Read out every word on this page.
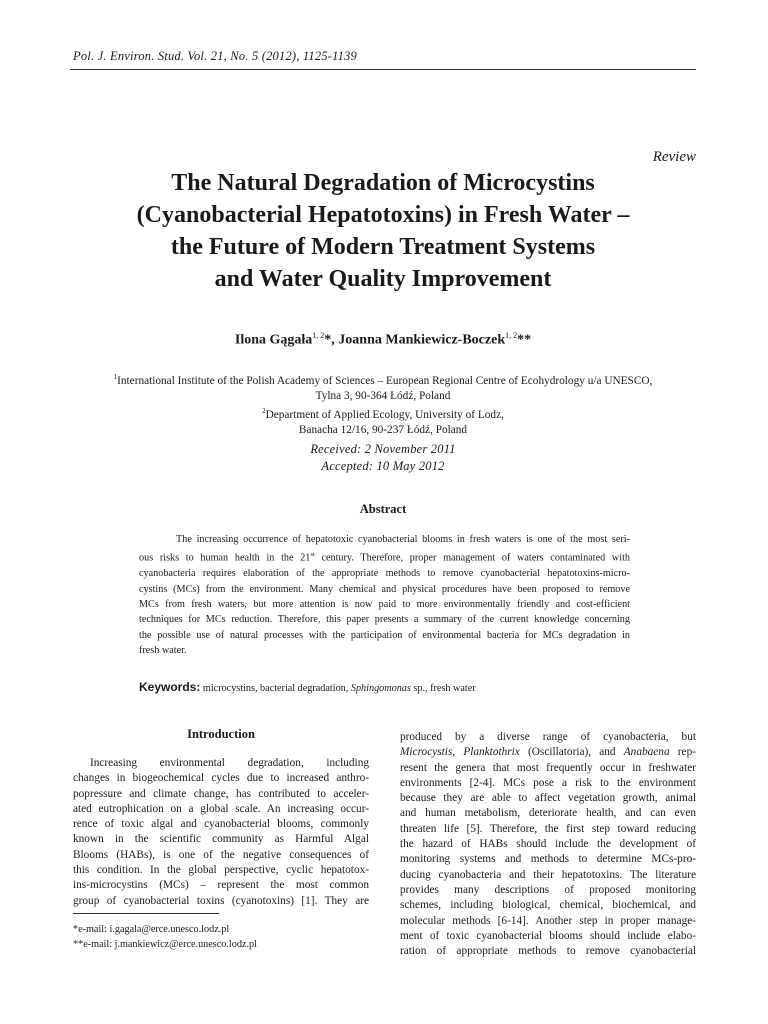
Pol. J. Environ. Stud. Vol. 21, No. 5 (2012), 1125-1139
Review
The Natural Degradation of Microcystins
(Cyanobacterial Hepatotoxins) in Fresh Water –
the Future of Modern Treatment Systems
and Water Quality Improvement
Ilona Gągała$^{1, 2}$*, Joanna Mankiewicz-Boczek$^{1, 2}$**
$^1$International Institute of the Polish Academy of Sciences – European Regional Centre of Ecohydrology u/a UNESCO,
Tylna 3, 90-364 Łódź, Poland
$^2$Department of Applied Ecology, University of Lodz,
Banacha 12/16, 90-237 Łódź, Poland
Received: 2 November 2011
Accepted: 10 May 2012
Abstract
The increasing occurrence of hepatotoxic cyanobacterial blooms in fresh waters is one of the most seri-
ous risks to human health in the 21st century. Therefore, proper management of waters contaminated with
cyanobacteria requires elaboration of the appropriate methods to remove cyanobacterial hepatotoxins-micro-
cystins (MCs) from the environment. Many chemical and physical procedures have been proposed to remove
MCs from fresh waters, but more attention is now paid to more environmentally friendly and cost-efficient
techniques for MCs reduction. Therefore, this paper presents a summary of the current knowledge concerning
the possible use of natural processes with the participation of environmental bacteria for MCs degradation in
fresh water.
Keywords: microcystins, bacterial degradation, Sphingomonas sp., fresh water
Introduction
Increasing environmental degradation, including
changes in biogeochemical cycles due to increased anthro-
popressure and climate change, has contributed to acceler-
ated eutrophication on a global scale. An increasing occur-
rence of toxic algal and cyanobacterial blooms, commonly
known in the scientific community as Harmful Algal
Blooms (HABs), is one of the negative consequences of
this condition. In the global perspective, cyclic hepatotox-
ins-microcystins (MCs) – represent the most common
group of cyanobacterial toxins (cyanotoxins) [1]. They are
produced by a diverse range of cyanobacteria, but
Microcystis, Planktothrix (Oscillatoria), and Anabaena rep-
resent the genera that most frequently occur in freshwater
environments [2-4]. MCs pose a risk to the environment
because they are able to affect vegetation growth, animal
and human metabolism, deteriorate health, and can even
threaten life [5]. Therefore, the first step toward reducing
the hazard of HABs should include the development of
monitoring systems and methods to determine MCs-pro-
ducing cyanobacteria and their hepatotoxins. The literature
provides many descriptions of proposed monitoring
schemes, including biological, chemical, biochemical, and
molecular methods [6-14]. Another step in proper manage-
ment of toxic cyanobacterial blooms should include elabo-
ration of appropriate methods to remove cyanobacterial
*e-mail: i.gagala@erce.unesco.lodz.pl
**e-mail: j.mankiewicz@erce.unesco.lodz.pl
